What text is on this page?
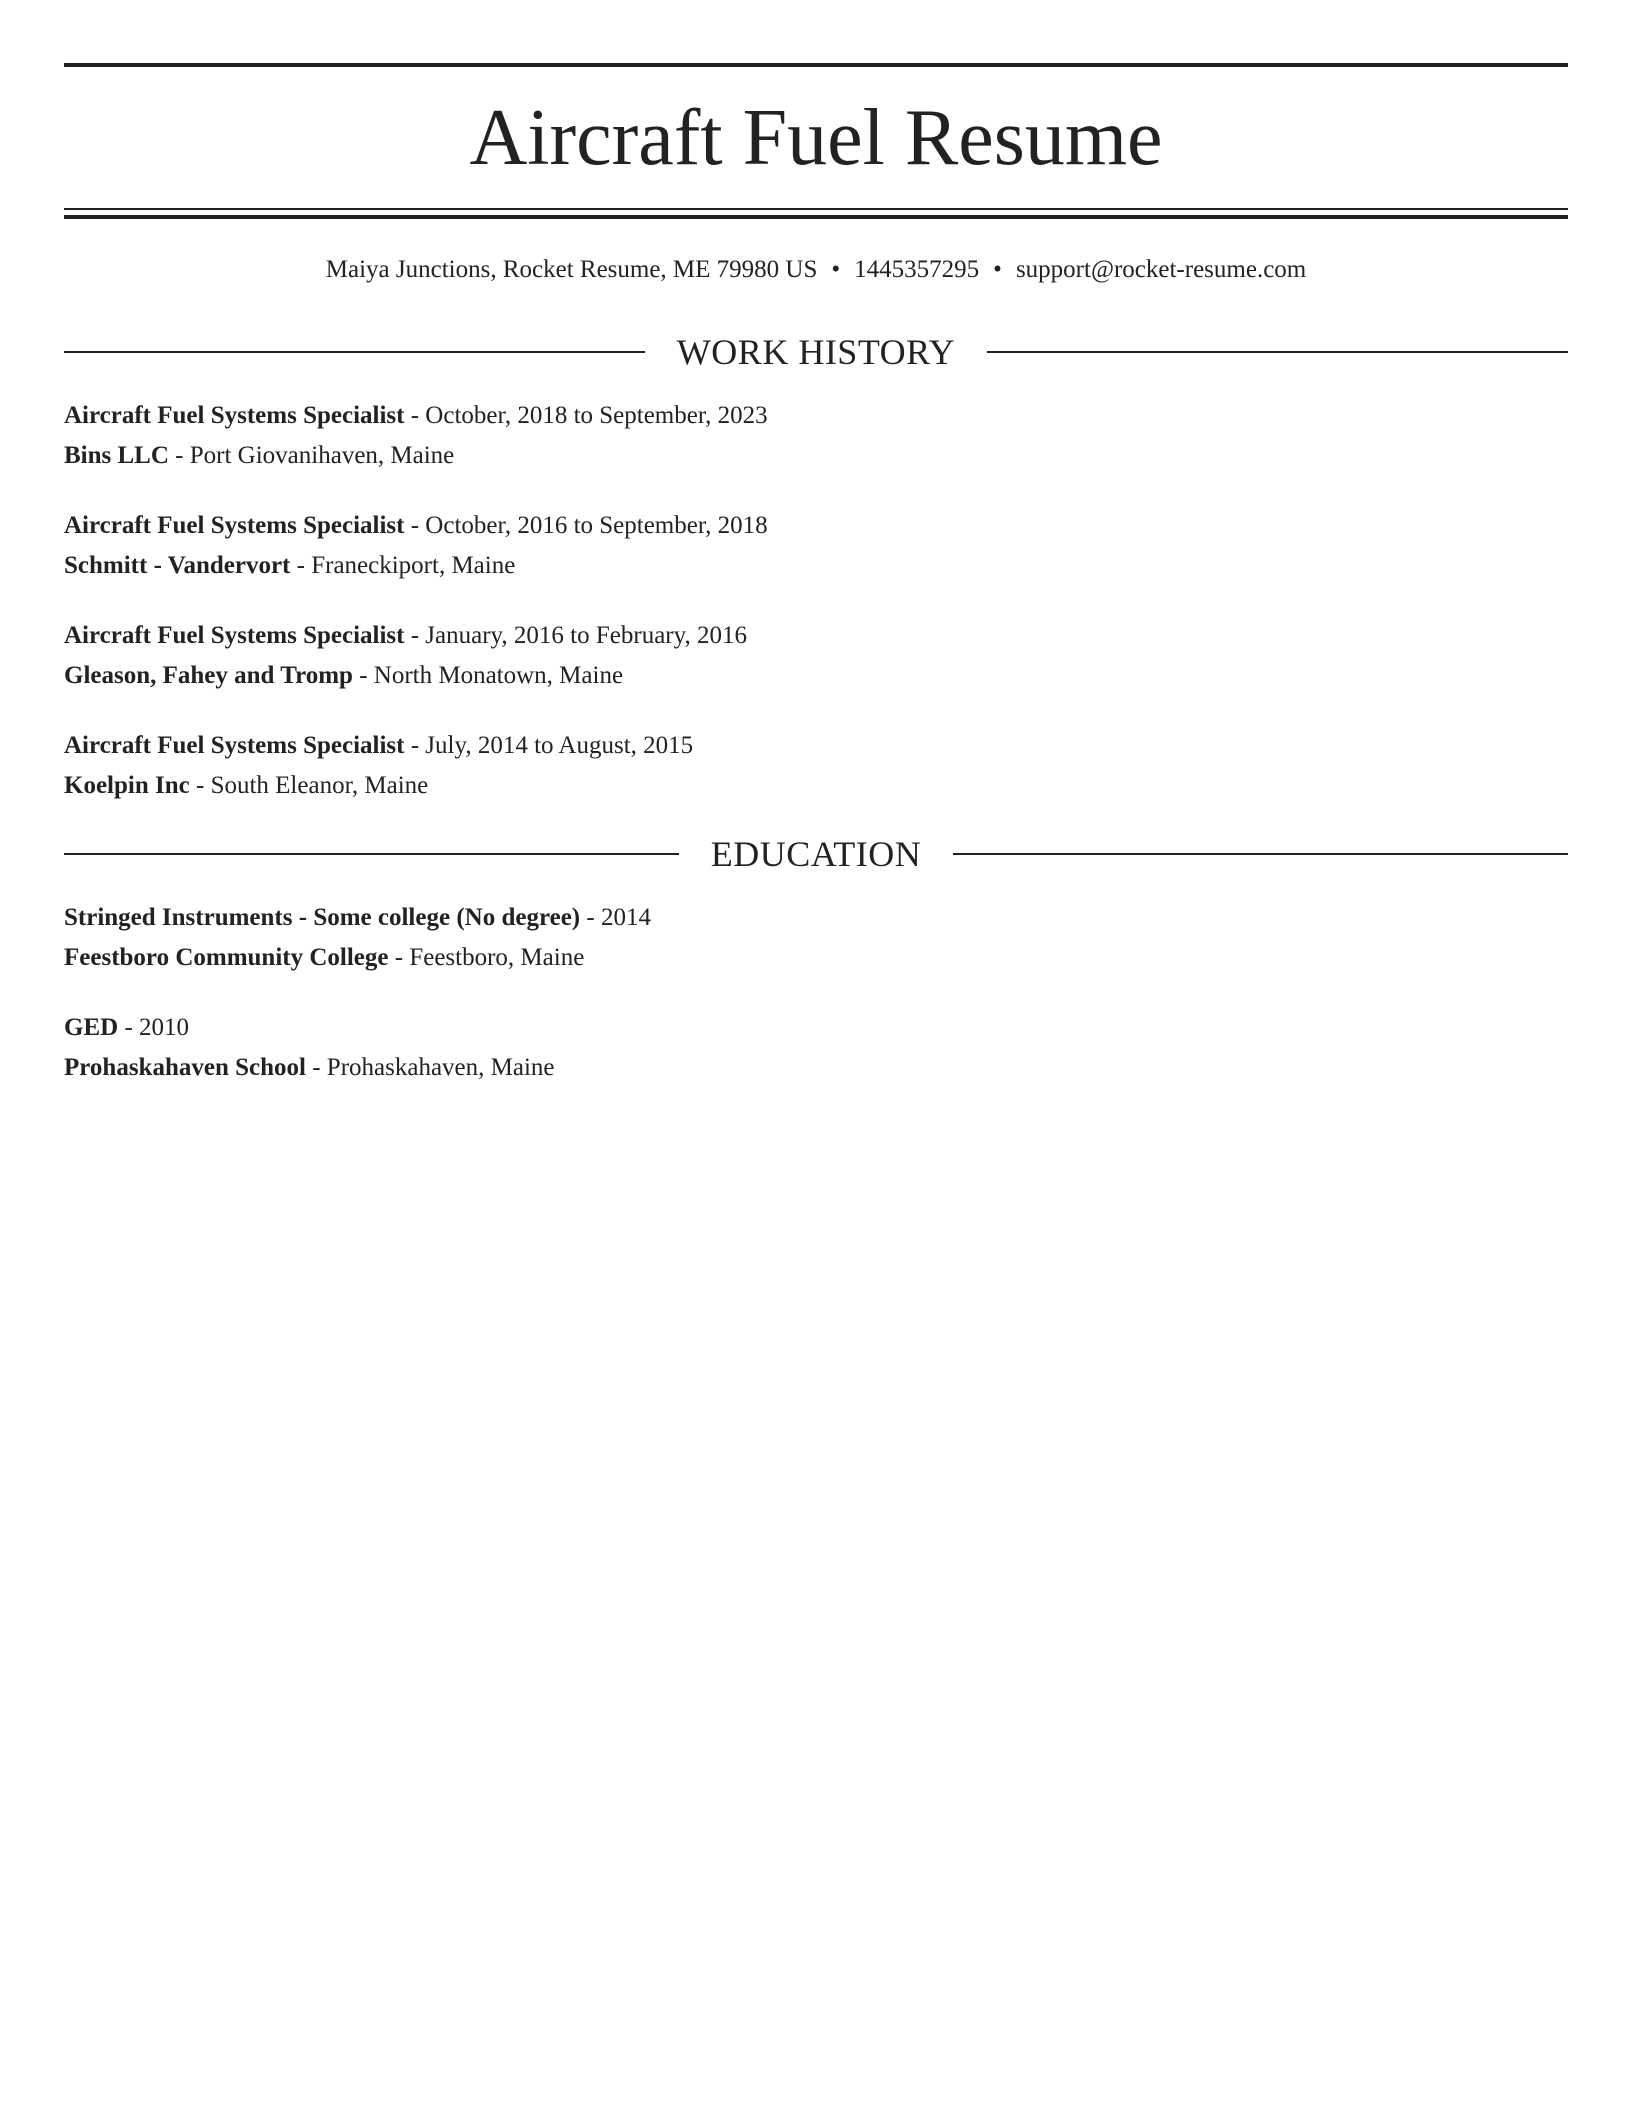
Aircraft Fuel Resume
Maiya Junctions, Rocket Resume, ME 79980 US • 1445357295 • support@rocket-resume.com
WORK HISTORY
Aircraft Fuel Systems Specialist - October, 2018 to September, 2023
Bins LLC - Port Giovanihaven, Maine
Aircraft Fuel Systems Specialist - October, 2016 to September, 2018
Schmitt - Vandervort - Franeckiport, Maine
Aircraft Fuel Systems Specialist - January, 2016 to February, 2016
Gleason, Fahey and Tromp - North Monatown, Maine
Aircraft Fuel Systems Specialist - July, 2014 to August, 2015
Koelpin Inc - South Eleanor, Maine
EDUCATION
Stringed Instruments - Some college (No degree) - 2014
Feestboro Community College - Feestboro, Maine
GED - 2010
Prohaskahaven School - Prohaskahaven, Maine
